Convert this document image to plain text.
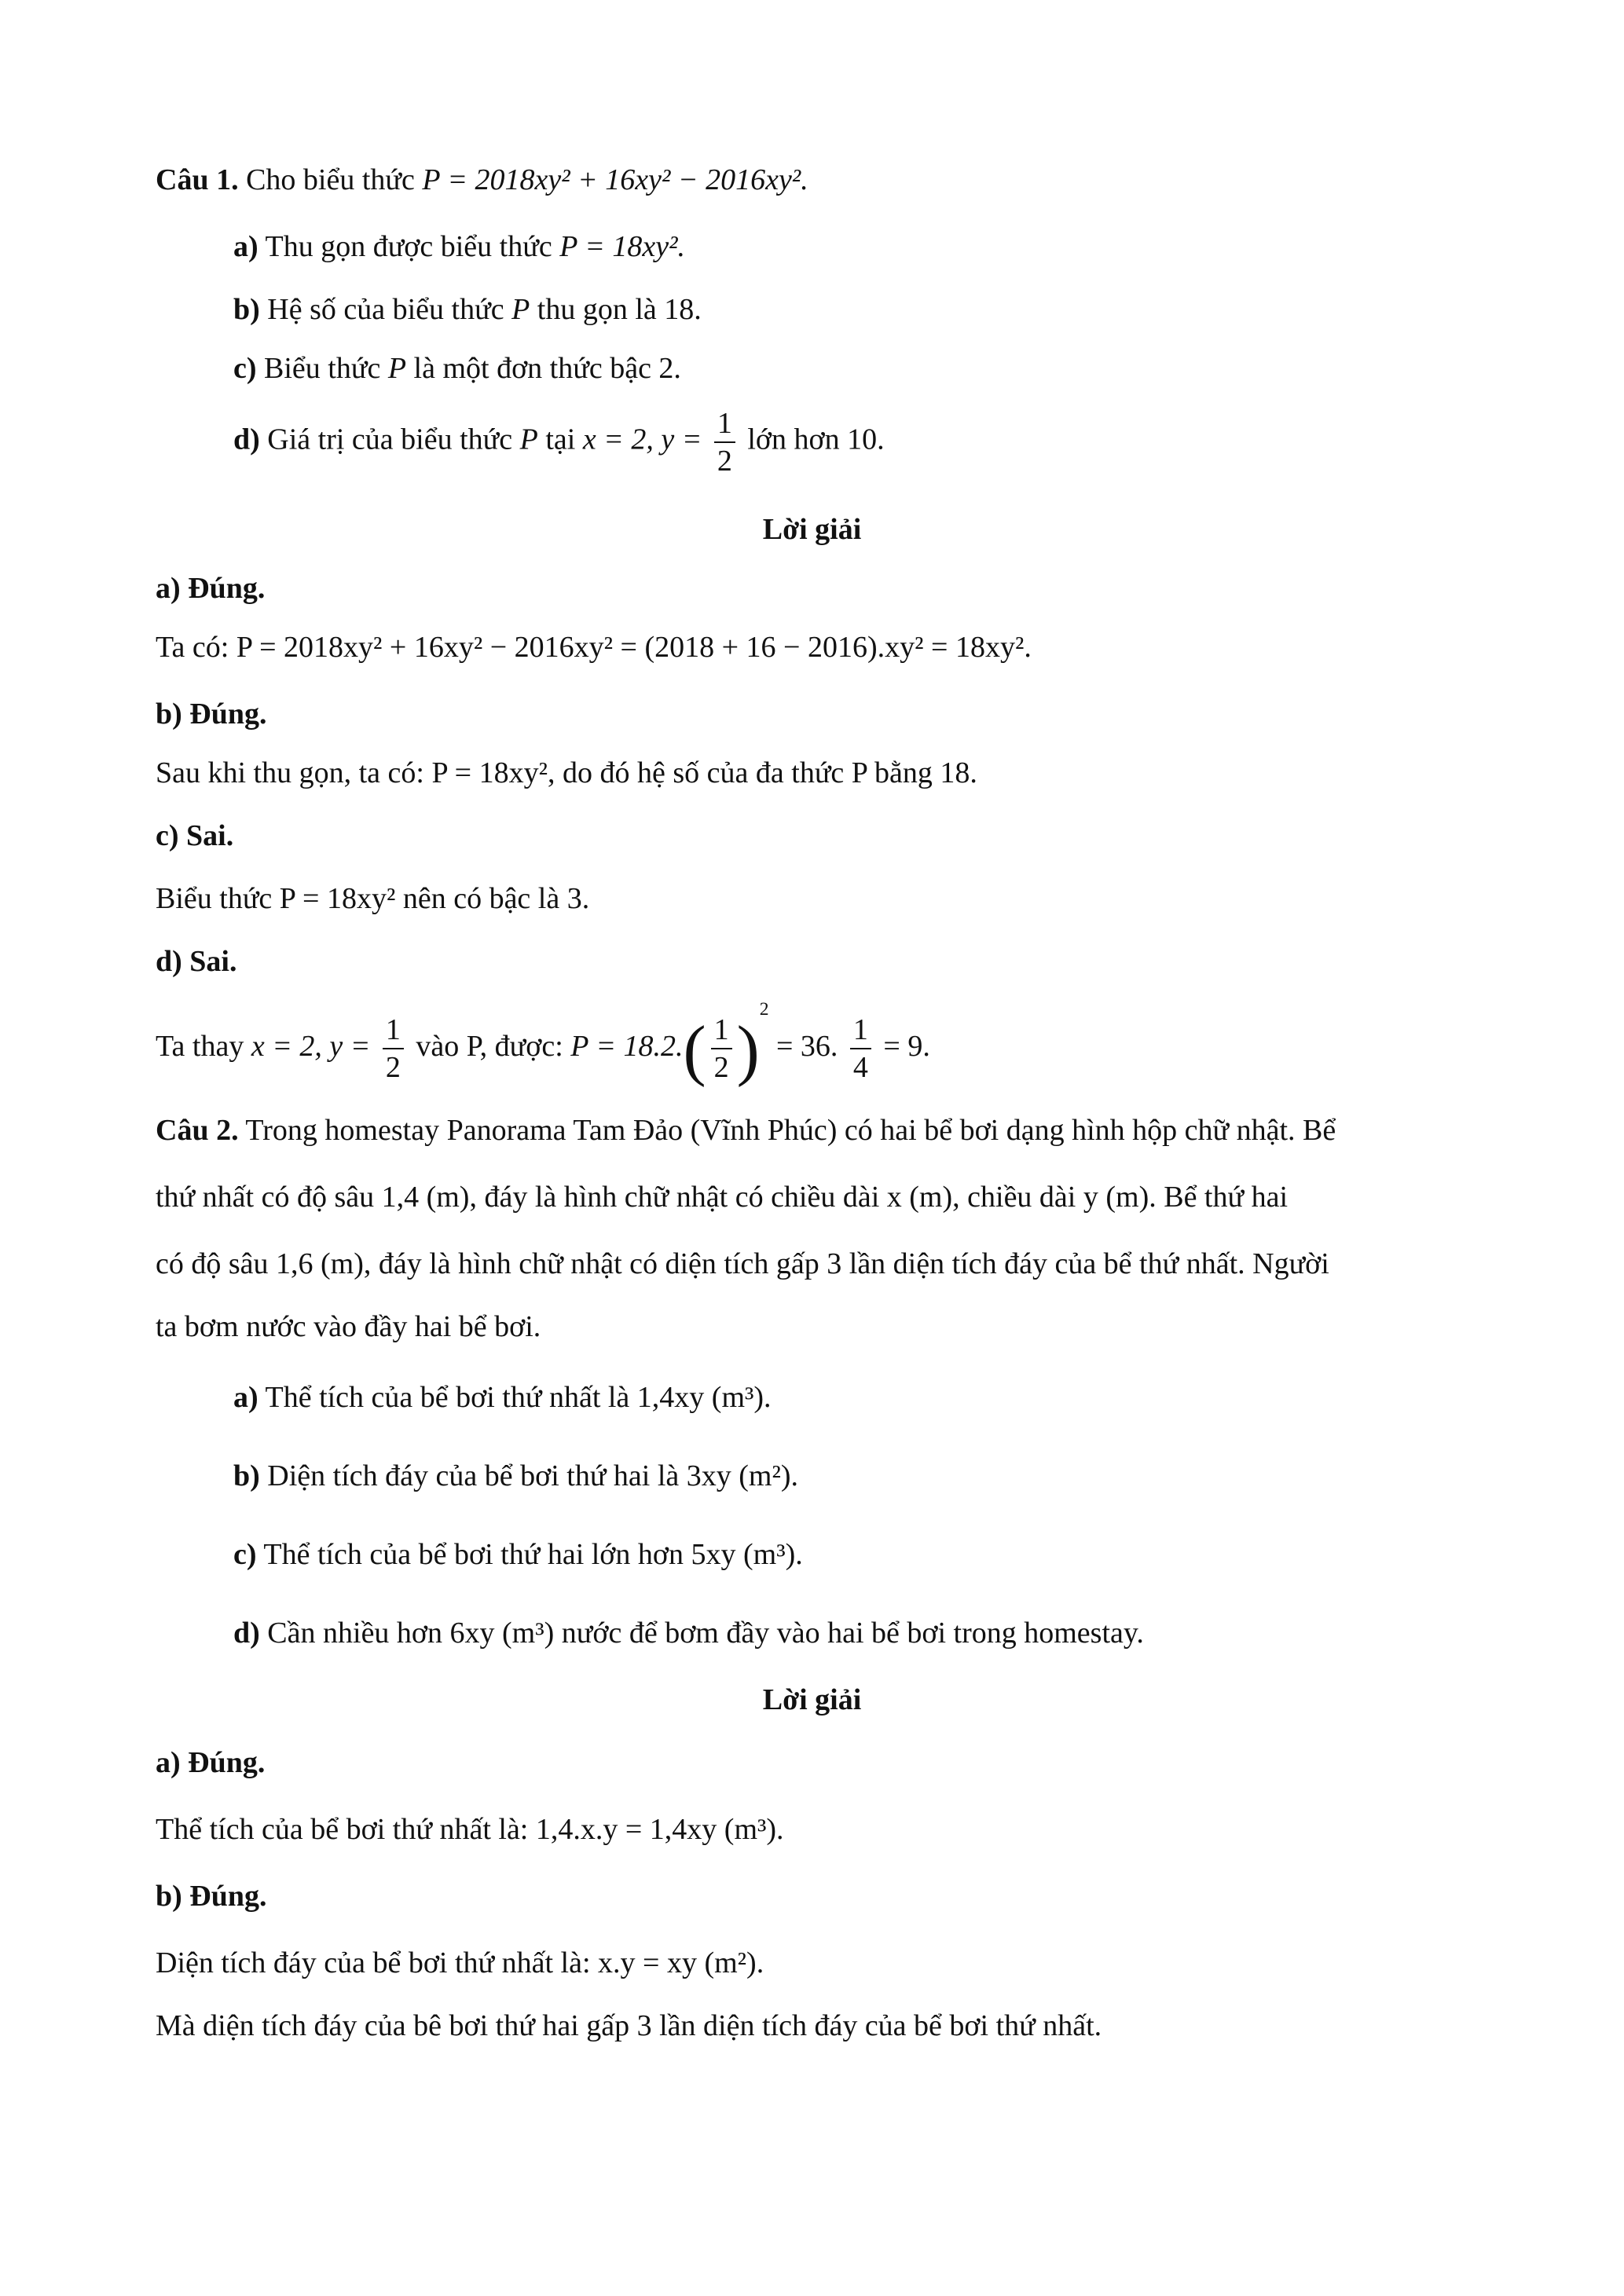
Câu 1. Cho biểu thức P = 2018xy² + 16xy² − 2016xy².
a) Thu gọn được biểu thức P = 18xy².
b) Hệ số của biểu thức P thu gọn là 18.
c) Biểu thức P là một đơn thức bậc 2.
d) Giá trị của biểu thức P tại x = 2, $y = \frac{1}{2}$ lớn hơn 10.
Lời giải
a) Đúng.
Ta có: P = 2018xy² + 16xy² − 2016xy² = (2018 + 16 − 2016).xy² = 18xy².
b) Đúng.
Sau khi thu gọn, ta có: P = 18xy², do đó hệ số của đa thức P bằng 18.
c) Sai.
Biểu thức P = 18xy² nên có bậc là 3.
d) Sai.
Ta thay x = 2, $y = \frac{1}{2}$ vào P, được: $P = 18.2.( \frac{1}{2} )^2 = 36$. $\frac{1}{4} = 9$.
Câu 2. Trong homestay Panorama Tam Đảo (Vĩnh Phúc) có hai bể bơi dạng hình hộp chữ nhật. Bể
thứ nhất có độ sâu 1,4 (m), đáy là hình chữ nhật có chiều dài x (m), chiều dài y (m). Bể thứ hai
có độ sâu 1,6 (m), đáy là hình chữ nhật có diện tích gấp 3 lần diện tích đáy của bể thứ nhất. Người
ta bơm nước vào đầy hai bể bơi.
a) Thể tích của bể bơi thứ nhất là 1,4xy (m³).
b) Diện tích đáy của bể bơi thứ hai là 3xy (m²).
c) Thể tích của bể bơi thứ hai lớn hơn 5xy (m³).
d) Cần nhiều hơn 6xy (m³) nước để bơm đầy vào hai bể bơi trong homestay.
Lời giải
a) Đúng.
Thể tích của bể bơi thứ nhất là: 1,4.x.y = 1,4xy (m³).
b) Đúng.
Diện tích đáy của bể bơi thứ nhất là: x.y = xy (m²).
Mà diện tích đáy của bê bơi thứ hai gấp 3 lần diện tích đáy của bể bơi thứ nhất.
